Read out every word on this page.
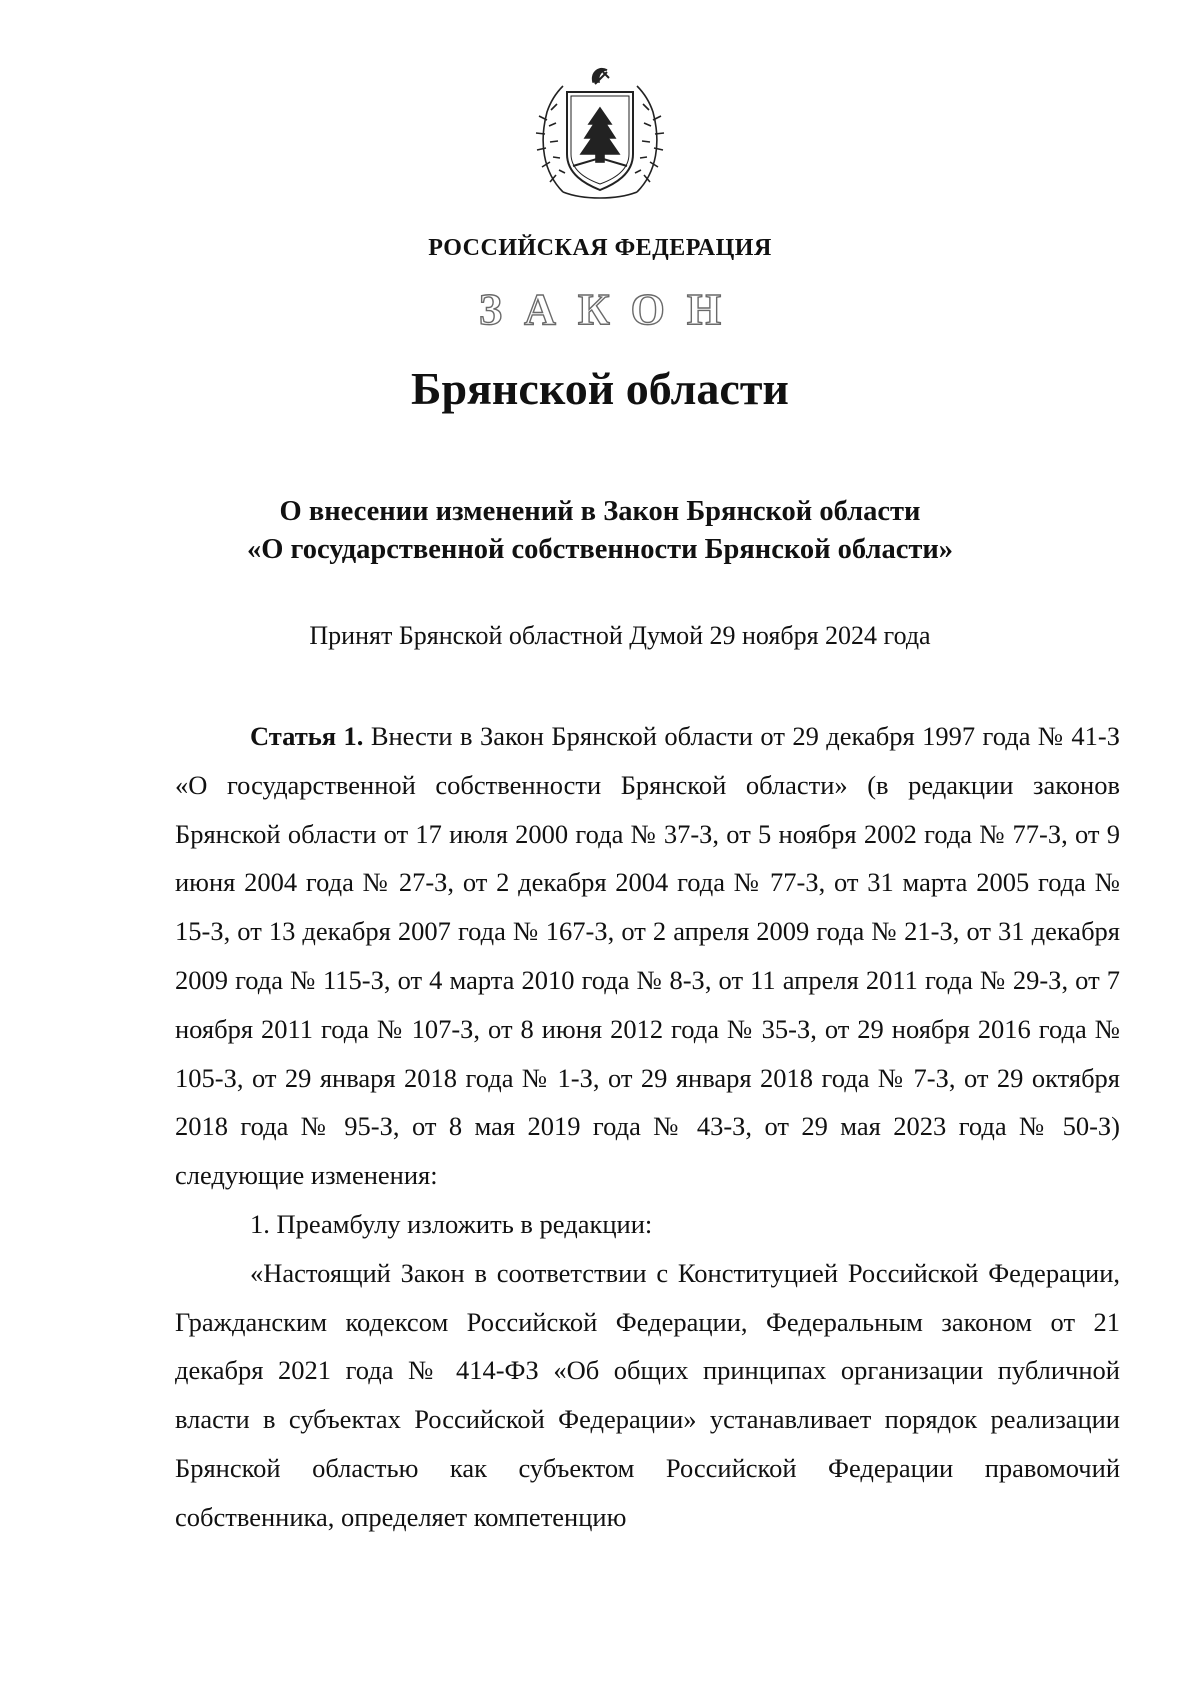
РОССИЙСКАЯ ФЕДЕРАЦИЯ
ЗАКОН
Брянской области
О внесении изменений в Закон Брянской области
«О государственной собственности Брянской области»
Принят Брянской областной Думой 29 ноября 2024 года

Статья 1. Внести в Закон Брянской области от 29 декабря 1997 года № 41-З «О государственной собственности Брянской области» (в редакции законов Брянской области от 17 июля 2000 года № 37-З, от 5 ноября 2002 года № 77-З, от 9 июня 2004 года № 27-З, от 2 декабря 2004 года № 77-З, от 31 марта 2005 года № 15-З, от 13 декабря 2007 года № 167-З, от 2 апреля 2009 года № 21-З, от 31 декабря 2009 года № 115-З, от 4 марта 2010 года № 8-З, от 11 апреля 2011 года № 29-З, от 7 ноября 2011 года № 107-З, от 8 июня 2012 года № 35-З, от 29 ноября 2016 года № 105-З, от 29 января 2018 года № 1-З, от 29 января 2018 года № 7-З, от 29 октября 2018 года № 95-З, от 8 мая 2019 года № 43-З, от 29 мая 2023 года № 50-З) следующие изменения:

1. Преамбулу изложить в редакции:

«Настоящий Закон в соответствии с Конституцией Российской Федерации, Гражданским кодексом Российской Федерации, Федеральным законом от 21 декабря 2021 года № 414-ФЗ «Об общих принципах организации публичной власти в субъектах Российской Федерации» устанавливает порядок реализации Брянской областью как субъектом Российской Федерации правомочий собственника, определяет компетенцию
